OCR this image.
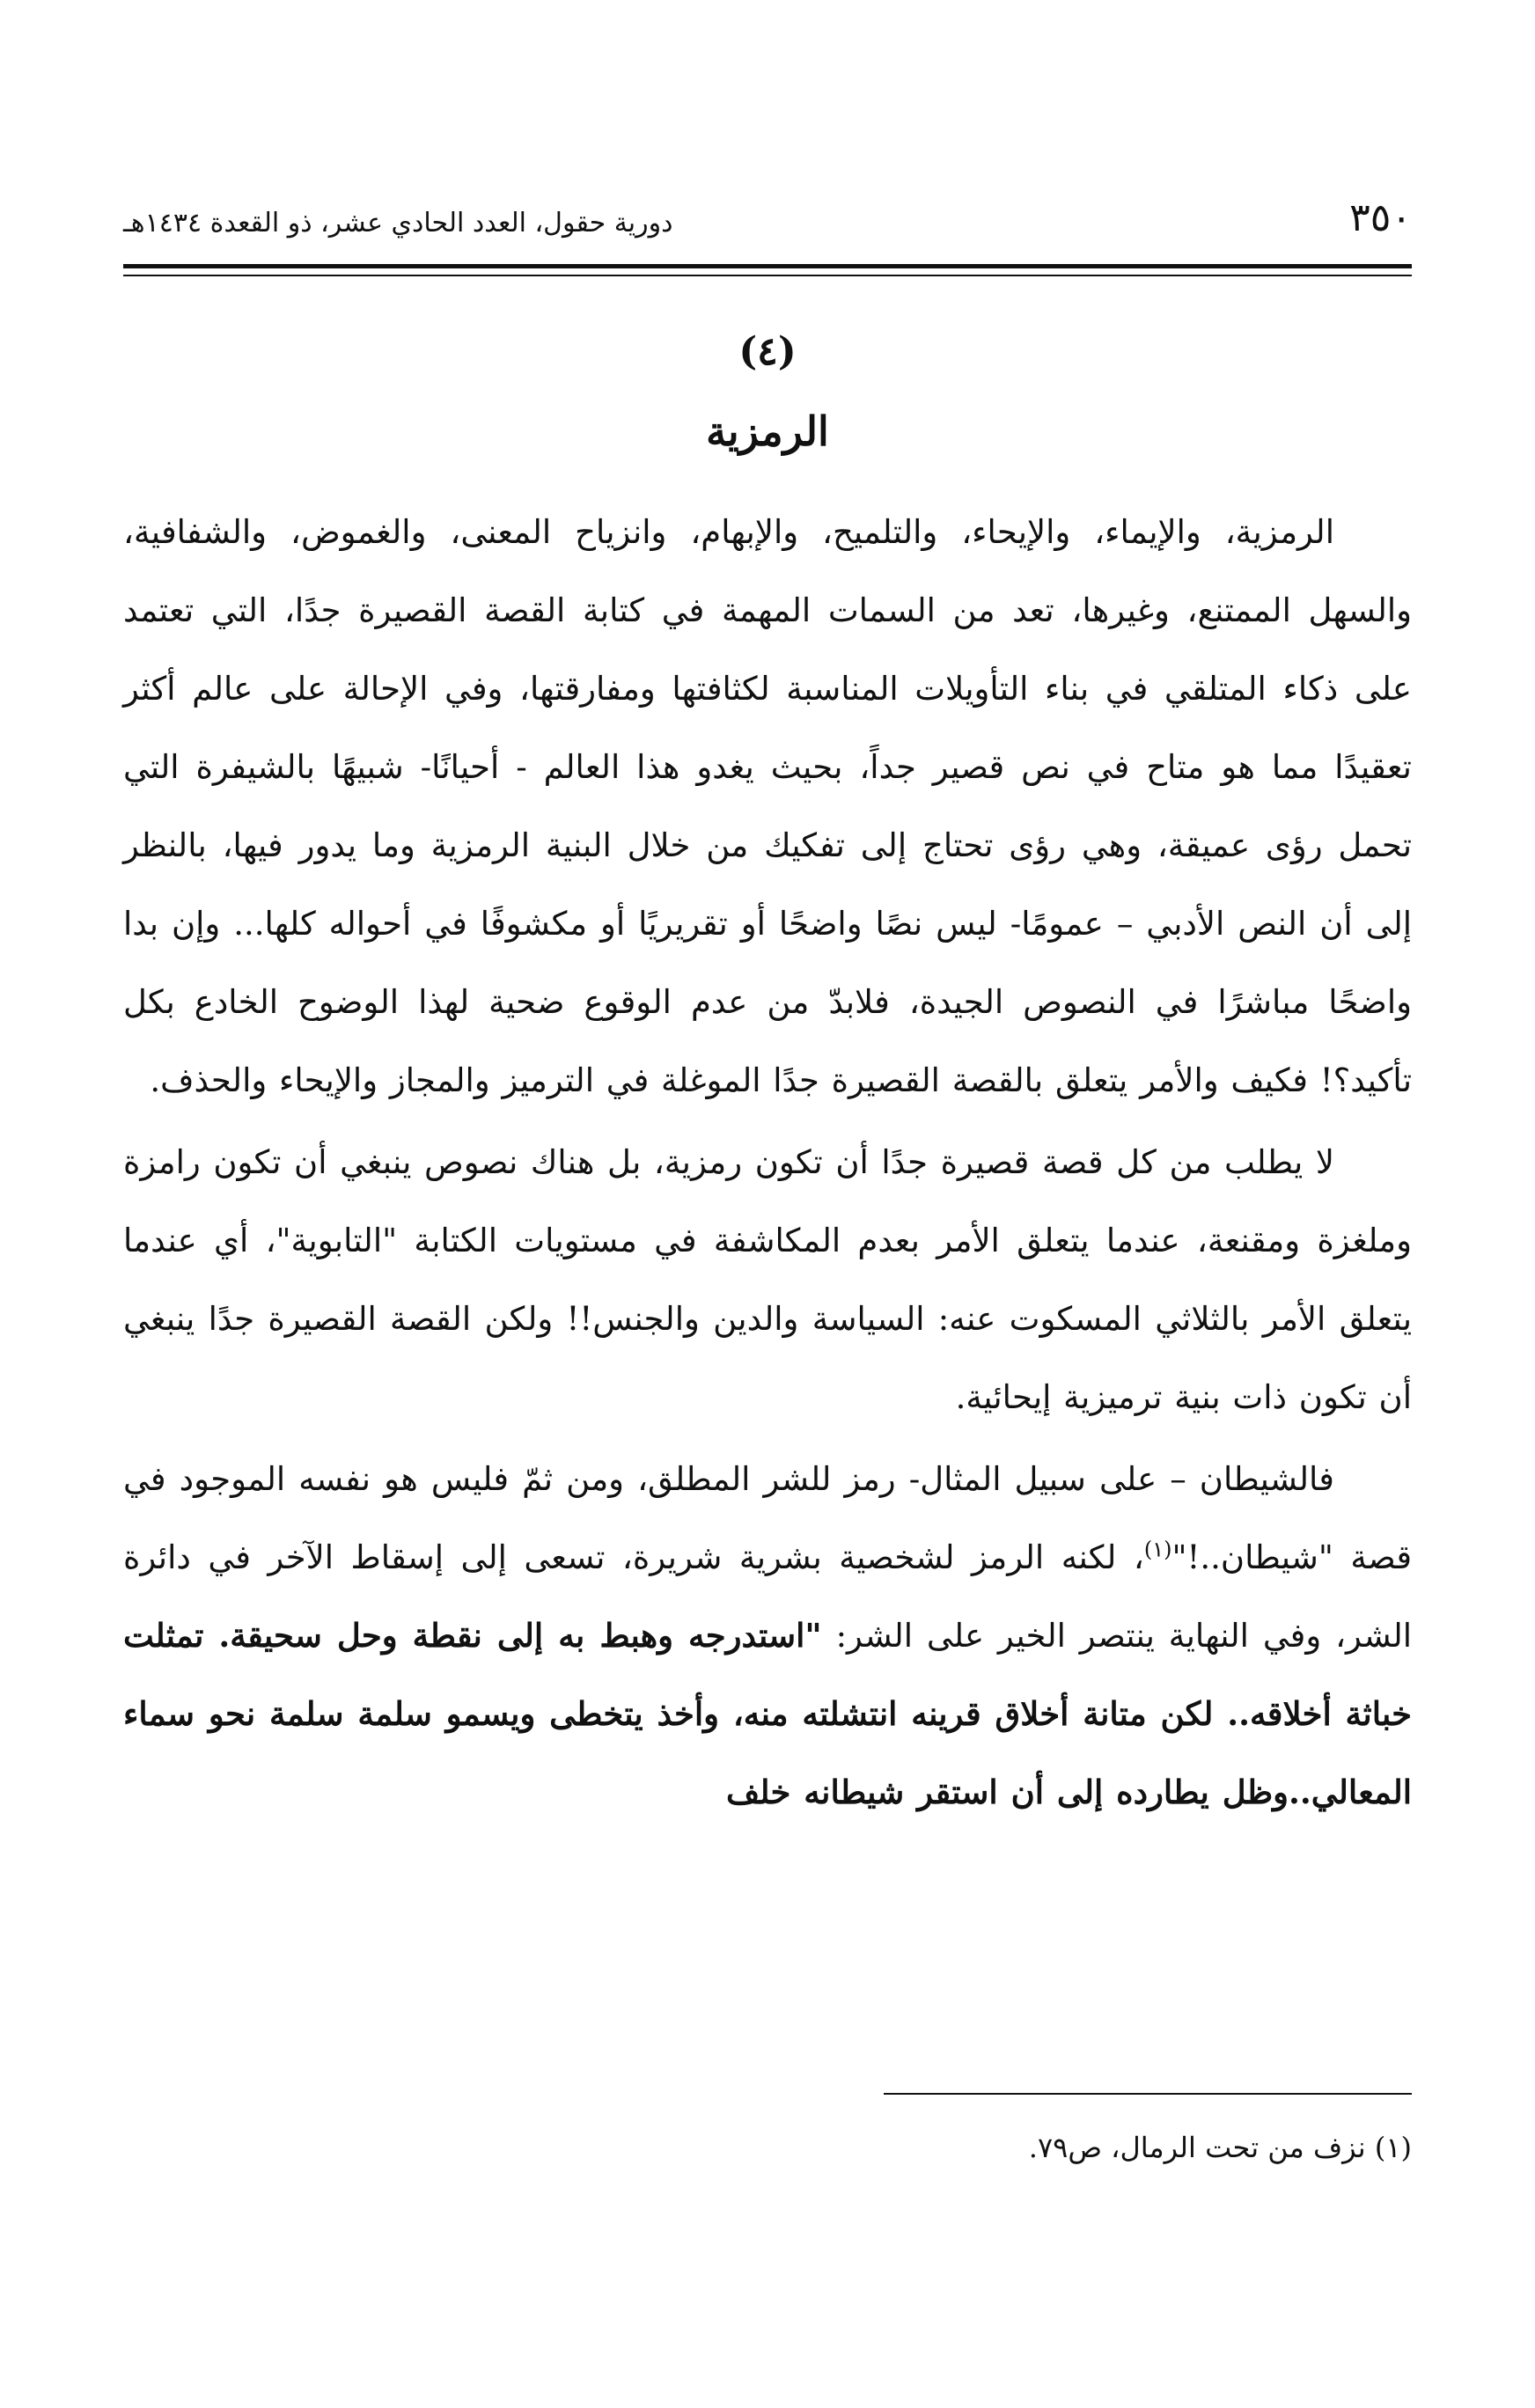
٣٥٠
دورية حقول، العدد الحادي عشر، ذو القعدة ١٤٣٤هـ
(٤)
الرمزية

الرمزية، والإيماء، والإيحاء، والتلميح، والإبهام، وانزياح المعنى، والغموض، والشفافية، والسهل الممتنع، وغيرها، تعد من السمات المهمة في كتابة القصة القصيرة جدًا، التي تعتمد على ذكاء المتلقي في بناء التأويلات المناسبة لكثافتها ومفارقتها، وفي الإحالة على عالم أكثر تعقيدًا مما هو متاح في نص قصير جداً، بحيث يغدو هذا العالم - أحيانًا- شبيهًا بالشيفرة التي تحمل رؤى عميقة، وهي رؤى تحتاج إلى تفكيك من خلال البنية الرمزية وما يدور فيها، بالنظر إلى أن النص الأدبي – عمومًا- ليس نصًا واضحًا أو تقريريًا أو مكشوفًا في أحواله كلها... وإن بدا واضحًا مباشرًا في النصوص الجيدة، فلابدّ من عدم الوقوع ضحية لهذا الوضوح الخادع بكل تأكيد؟! فكيف والأمر يتعلق بالقصة القصيرة جدًا الموغلة في الترميز والمجاز والإيحاء والحذف.

لا يطلب من كل قصة قصيرة جدًا أن تكون رمزية، بل هناك نصوص ينبغي أن تكون رامزة وملغزة ومقنعة، عندما يتعلق الأمر بعدم المكاشفة في مستويات الكتابة "التابوية"، أي عندما يتعلق الأمر بالثلاثي المسكوت عنه: السياسة والدين والجنس!! ولكن القصة القصيرة جدًا ينبغي أن تكون ذات بنية ترميزية إيحائية.

فالشيطان – على سبيل المثال- رمز للشر المطلق، ومن ثمّ فليس هو نفسه الموجود في قصة "شيطان..!"$^{(١)}$، لكنه الرمز لشخصية بشرية شريرة، تسعى إلى إسقاط الآخر في دائرة الشر، وفي النهاية ينتصر الخير على الشر: "استدرجه وهبط به إلى نقطة وحل سحيقة. تمثلت خباثة أخلاقه.. لكن متانة أخلاق قرينه انتشلته منه، وأخذ يتخطى ويسمو سلمة سلمة نحو سماء المعالي..وظل يطارده إلى أن استقر شيطانه خلف

(١) نزف من تحت الرمال، ص٧٩.
